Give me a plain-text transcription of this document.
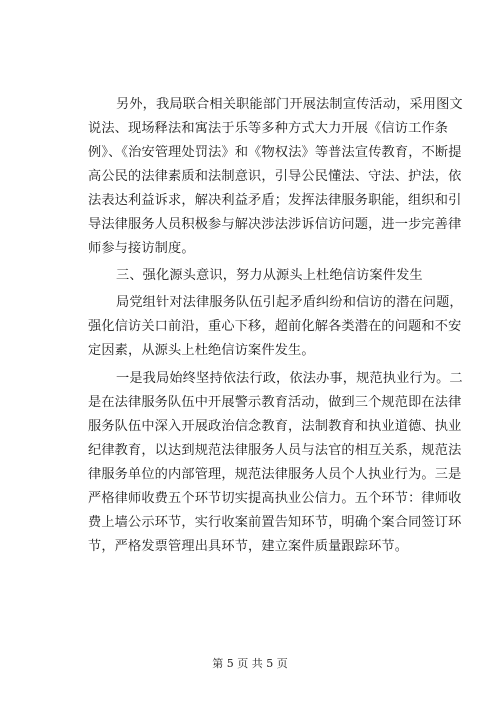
另外，我局联合相关职能部门开展法制宣传活动，采用图文
说法、现场释法和寓法于乐等多种方式大力开展《信访工作条
例》、《治安管理处罚法》和《物权法》等普法宣传教育，不断提
高公民的法律素质和法制意识，引导公民懂法、守法、护法，依
法表达利益诉求，解决利益矛盾；发挥法律服务职能，组织和引
导法律服务人员积极参与解决涉法涉诉信访问题，进一步完善律
师参与接访制度。
三、强化源头意识，努力从源头上杜绝信访案件发生
局党组针对法律服务队伍引起矛盾纠纷和信访的潜在问题，
强化信访关口前沿，重心下移，超前化解各类潜在的问题和不安
定因素，从源头上杜绝信访案件发生。
一是我局始终坚持依法行政，依法办事，规范执业行为。二
是在法律服务队伍中开展警示教育活动，做到三个规范即在法律
服务队伍中深入开展政治信念教育，法制教育和执业道德、执业
纪律教育，以达到规范法律服务人员与法官的相互关系，规范法
律服务单位的内部管理，规范法律服务人员个人执业行为。三是
严格律师收费五个环节切实提高执业公信力。五个环节：律师收
费上墙公示环节，实行收案前置告知环节，明确个案合同签订环
节，严格发票管理出具环节，建立案件质量跟踪环节。
第 5 页 共 5 页
